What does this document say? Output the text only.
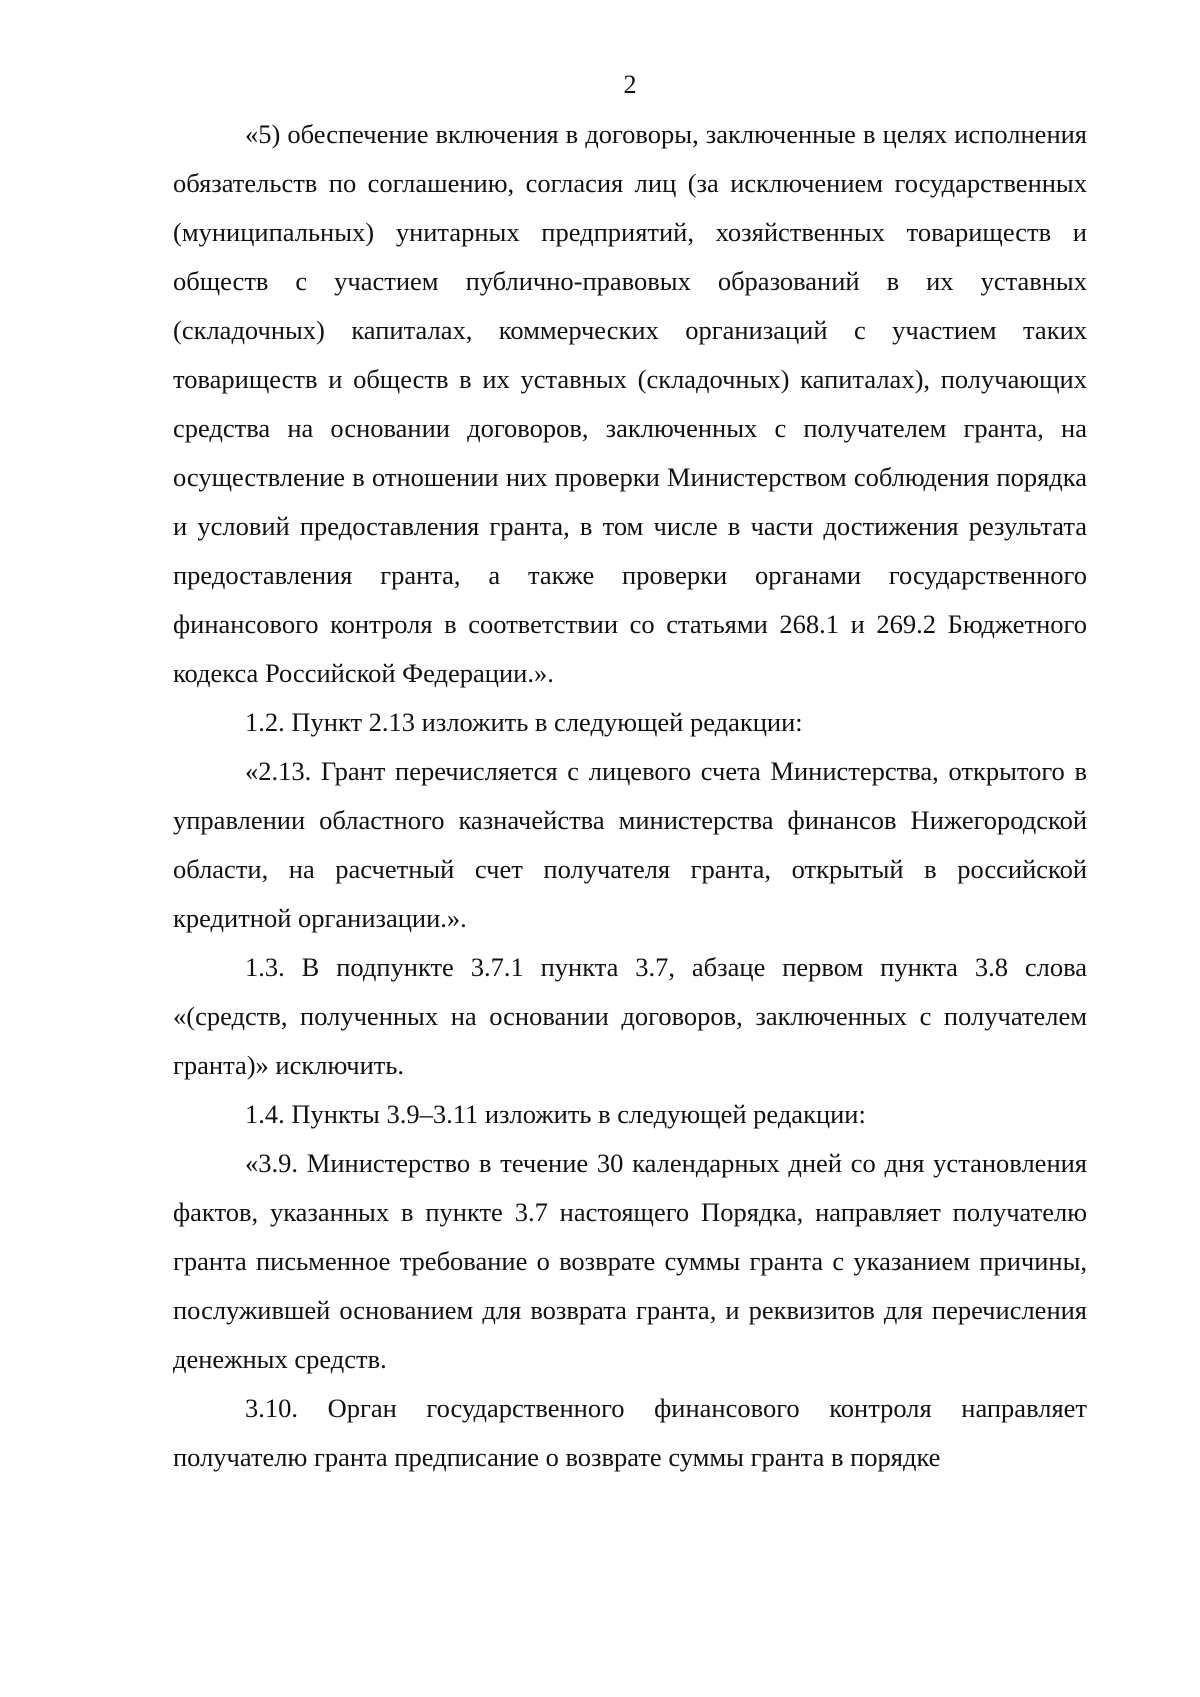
2

«5) обеспечение включения в договоры, заключенные в целях исполнения обязательств по соглашению, согласия лиц (за исключением государственных (муниципальных) унитарных предприятий, хозяйственных товариществ и обществ с участием публично-правовых образований в их уставных (складочных) капиталах, коммерческих организаций с участием таких товариществ и обществ в их уставных (складочных) капиталах), получающих средства на основании договоров, заключенных с получателем гранта, на осуществление в отношении них проверки Министерством соблюдения порядка и условий предоставления гранта, в том числе в части достижения результата предоставления гранта, а также проверки органами государственного финансового контроля в соответствии со статьями 268.1 и 269.2 Бюджетного кодекса Российской Федерации.».

1.2. Пункт 2.13 изложить в следующей редакции:

«2.13. Грант перечисляется с лицевого счета Министерства, открытого в управлении областного казначейства министерства финансов Нижегородской области, на расчетный счет получателя гранта, открытый в российской кредитной организации.».

1.3. В подпункте 3.7.1 пункта 3.7, абзаце первом пункта 3.8 слова «(средств, полученных на основании договоров, заключенных с получателем гранта)» исключить.

1.4. Пункты 3.9–3.11 изложить в следующей редакции:

«3.9. Министерство в течение 30 календарных дней со дня установления фактов, указанных в пункте 3.7 настоящего Порядка, направляет получателю гранта письменное требование о возврате суммы гранта с указанием причины, послужившей основанием для возврата гранта, и реквизитов для перечисления денежных средств.

3.10. Орган государственного финансового контроля направляет получателю гранта предписание о возврате суммы гранта в порядке
